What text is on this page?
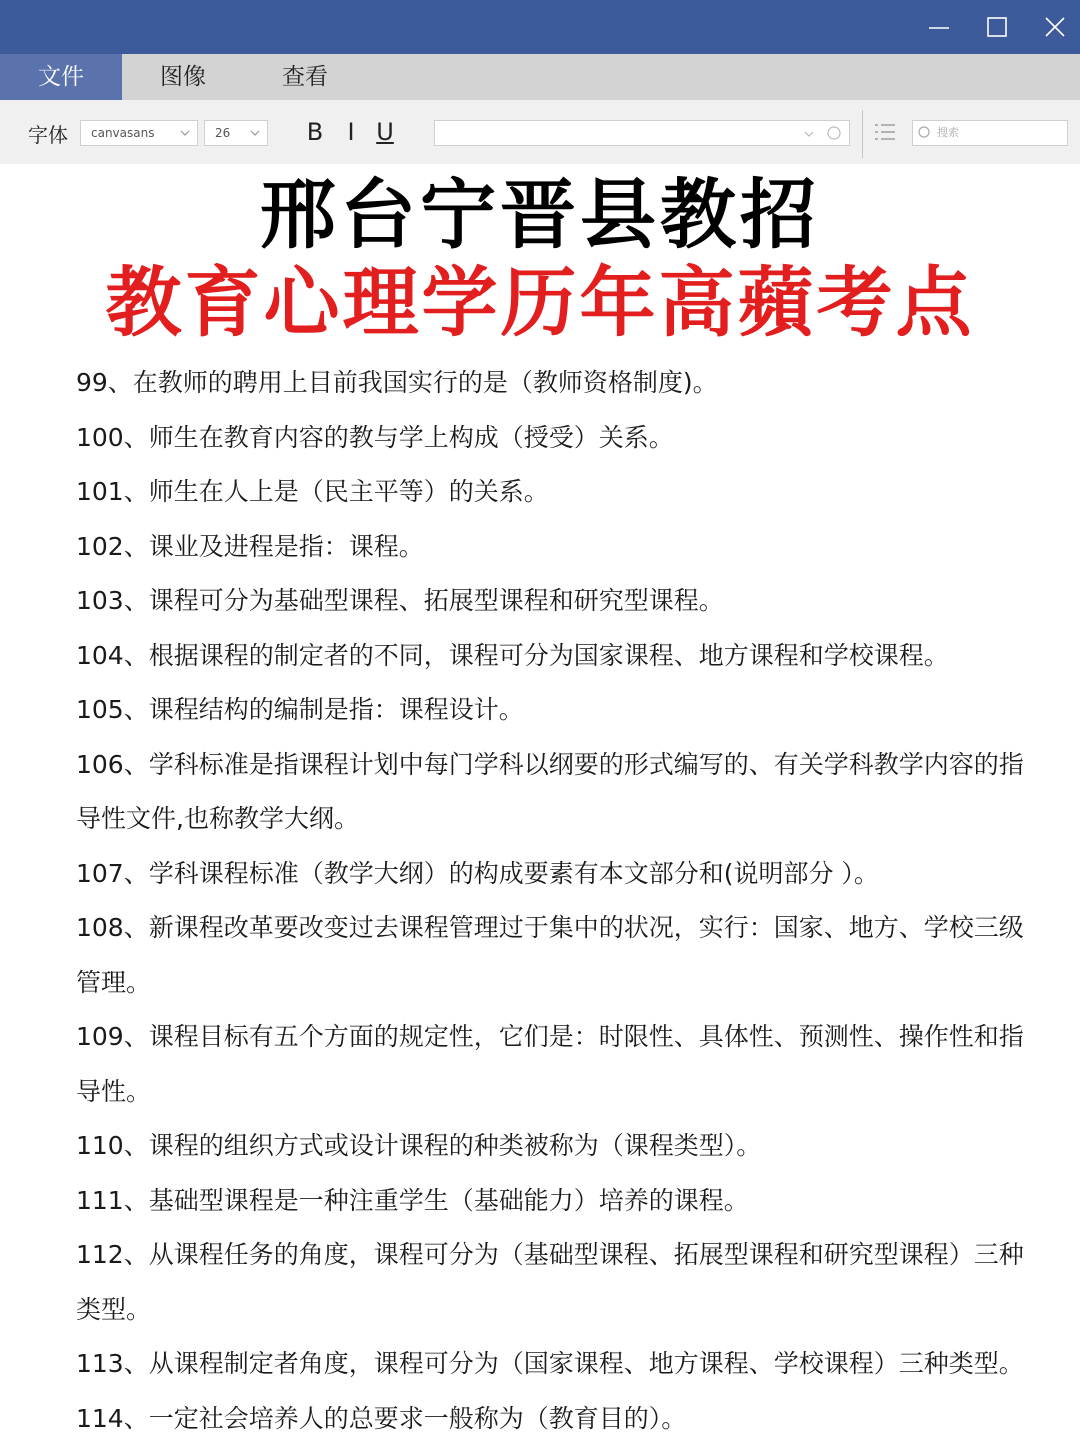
文件	图像	查看
字体	canvasans	26	B	I U	搜索
邢台宁晋县教招
教育心理学历年高蘋考点

99、在教师的聘用上目前我国实行的是（教师资格制度)。

100、师生在教育内容的教与学上构成（授受）关系。

101、师生在人上是（民主平等）的关系。

102、课业及进程是指：课程。

103、课程可分为基础型课程、拓展型课程和研究型课程。

104、根据课程的制定者的不同，课程可分为国家课程、地方课程和学校课程。

105、课程结构的编制是指：课程设计。

106、学科标准是指课程计划中每门学科以纲要的形式编写的、有关学科教学内容的指导性文件,也称教学大纲。

107、学科课程标准（教学大纲）的构成要素有本文部分和(说明部分 ）。

108、新课程改革要改变过去课程管理过于集中的状况，实行：国家、地方、学校三级管理。

109、课程目标有五个方面的规定性，它们是：时限性、具体性、预测性、操作性和指导性。

110、课程的组织方式或设计课程的种类被称为（课程类型）。

111、基础型课程是一种注重学生（基础能力）培养的课程。

112、从课程任务的角度，课程可分为（基础型课程、拓展型课程和研究型课程）三种类型。

113、从课程制定者角度，课程可分为（国家课程、地方课程、学校课程）三种类型。

114、一定社会培养人的总要求一般称为（教育目的）。
